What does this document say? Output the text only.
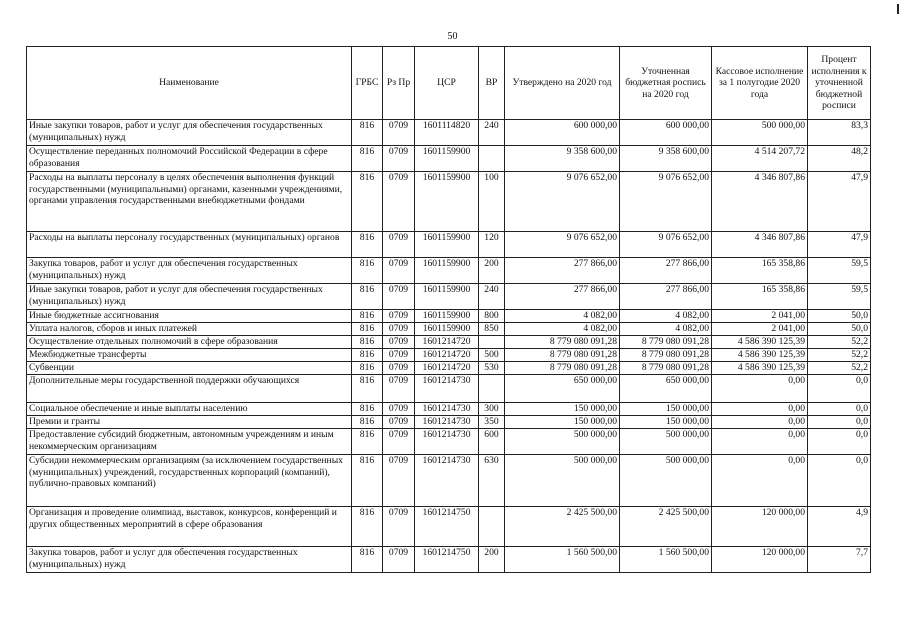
50
Наименование	ГРБС	Рз Пр	ЦСР	ВР	Утверждено на 2020 год	Уточненная бюджетная роспись на 2020 год	Кассовое исполнение за 1 полугодие 2020 года	Процент исполнения к уточненной бюджетной росписи
Иные закупки товаров, работ и услуг для обеспечения государственных (муниципальных) нужд	816	0709	1601114820	240	600 000,00	600 000,00	500 000,00	83,3
Осуществление переданных полномочий Российской Федерации в сфере образования	816	0709	1601159900		9 358 600,00	9 358 600,00	4 514 207,72	48,2
Расходы на выплаты персоналу в целях обеспечения выполнения функций государственными (муниципальными) органами, казенными учреждениями, органами управления государственными внебюджетными фондами	816	0709	1601159900	100	9 076 652,00	9 076 652,00	4 346 807,86	47,9
Расходы на выплаты персоналу государственных (муниципальных) органов	816	0709	1601159900	120	9 076 652,00	9 076 652,00	4 346 807,86	47,9
Закупка товаров, работ и услуг для обеспечения государственных (муниципальных) нужд	816	0709	1601159900	200	277 866,00	277 866,00	165 358,86	59,5
Иные закупки товаров, работ и услуг для обеспечения государственных (муниципальных) нужд	816	0709	1601159900	240	277 866,00	277 866,00	165 358,86	59,5
Иные бюджетные ассигнования	816	0709	1601159900	800	4 082,00	4 082,00	2 041,00	50,0
Уплата налогов, сборов и иных платежей	816	0709	1601159900	850	4 082,00	4 082,00	2 041,00	50,0
Осуществление отдельных полномочий в сфере образования	816	0709	1601214720		8 779 080 091,28	8 779 080 091,28	4 586 390 125,39	52,2
Межбюджетные трансферты	816	0709	1601214720	500	8 779 080 091,28	8 779 080 091,28	4 586 390 125,39	52,2
Субвенции	816	0709	1601214720	530	8 779 080 091,28	8 779 080 091,28	4 586 390 125,39	52,2
Дополнительные меры государственной поддержки обучающихся	816	0709	1601214730		650 000,00	650 000,00	0,00	0,0
Социальное обеспечение и иные выплаты населению	816	0709	1601214730	300	150 000,00	150 000,00	0,00	0,0
Премии и гранты	816	0709	1601214730	350	150 000,00	150 000,00	0,00	0,0
Предоставление субсидий бюджетным, автономным учреждениям и иным некоммерческим организациям	816	0709	1601214730	600	500 000,00	500 000,00	0,00	0,0
Субсидии некоммерческим организациям (за исключением государственных (муниципальных) учреждений, государственных корпораций (компаний), публично-правовых компаний)	816	0709	1601214730	630	500 000,00	500 000,00	0,00	0,0
Организация и проведение олимпиад, выставок, конкурсов, конференций и других общественных мероприятий в сфере образования	816	0709	1601214750		2 425 500,00	2 425 500,00	120 000,00	4,9
Закупка товаров, работ и услуг для обеспечения государственных (муниципальных) нужд	816	0709	1601214750	200	1 560 500,00	1 560 500,00	120 000,00	7,7
